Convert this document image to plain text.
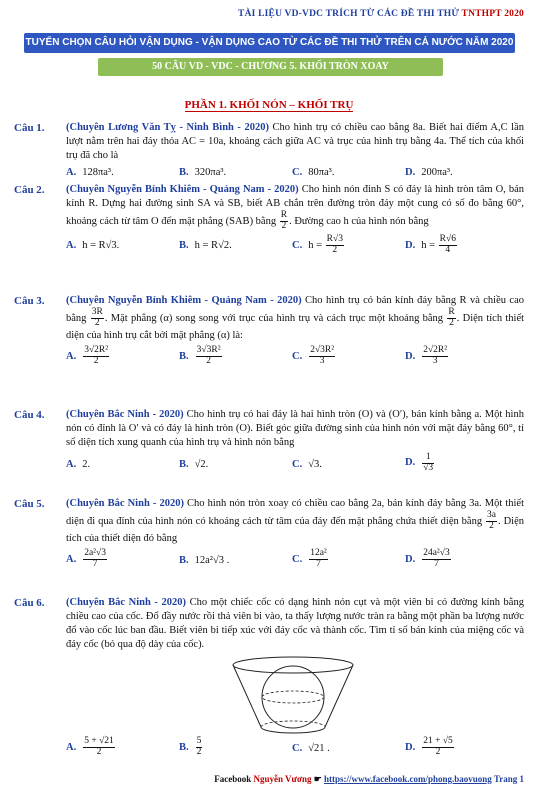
TÀI LIỆU VD-VDC TRÍCH TỪ CÁC ĐỀ THI THỬ TNTHPT 2020
TUYỂN CHỌN CÂU HỎI VẬN DỤNG - VẬN DỤNG CAO TỪ CÁC ĐỀ THI THỬ TRÊN CẢ NƯỚC NĂM 2020
50 CÂU VD - VDC - CHƯƠNG 5. KHỐI TRÒN XOAY
PHẦN 1. KHỐI NÓN – KHỐI TRỤ
Câu 1. (Chuyên Lương Văn Tỵ - Ninh Bình - 2020) Cho hình trụ có chiều cao bằng 8a. Biết hai điểm A,C lần lượt nằm trên hai đáy thỏa AC = 10a, khoảng cách giữa AC và trục của hình trụ bằng 4a. Thể tích của khối trụ đã cho là
A. 128πa³.	B. 320πa³.	C. 80πa³.	D. 200πa³.
Câu 2. (Chuyên Nguyễn Bỉnh Khiêm - Quảng Nam - 2020) Cho hình nón đỉnh S có đáy là hình tròn tâm O, bán kính R. Dựng hai đường sinh SA và SB, biết AB chắn trên đường tròn đáy một cung có số đo bằng 60°, khoảng cách từ tâm O đến mặt phẳng (SAB) bằng $\frac{R}{2}$ . Đường cao h của hình nón bằng
A. h = R√3.	B. h = R√2.	C. $h = \frac{R√3}{2}$	D. $h = \frac{R√6}{4}$
Câu 3. (Chuyên Nguyễn Bỉnh Khiêm - Quảng Nam - 2020) Cho hình trụ có bán kính đáy bằng R và chiều cao bằng $\frac{3R}{2}$ . Mặt phẳng (α) song song với trục của hình trụ và cách trục một khoảng bằng $\frac{R}{2}$ . Diện tích thiết diện của hình trụ cắt bởi mặt phẳng (α) là:
A. $\frac{\text{3√2R²}}{2}$	B. $\frac{\text{3√3R²}}{2}$	C. $\frac{\text{2√3R²}}{3}$	D. $\frac{\text{2√2R²}}{3}$
Câu 4. (Chuyên Bắc Ninh - 2020) Cho hình trụ có hai đáy là hai hình tròn (O) và (O′), bán kính bằng a. Một hình nón có đỉnh là O′ và có đáy là hình tròn (O). Biết góc giữa đường sinh của hình nón với mặt đáy bằng 60°, tỉ số diện tích xung quanh của hình trụ và hình nón bằng
A. 2.	B. √2.	C. √3.	D. $\frac{1}{√3}$
Câu 5. (Chuyên Bắc Ninh - 2020) Cho hình nón tròn xoay có chiều cao bằng 2a, bán kính đáy bằng 3a. Một thiết diện đi qua đỉnh của hình nón có khoảng cách từ tâm của đáy đến mặt phẳng chứa thiết diện bằng $\frac{3a}{2}$ . Diện tích của thiết diện đó bằng
A. $\frac{\text{2a²√3}}{7}$	B. 12a²√3 .	C. $\frac{\text{12a²}}{7}$	D. $\frac{\text{24a²√3}}{7}$
Câu 6. (Chuyên Bắc Ninh - 2020) Cho một chiếc cốc có dạng hình nón cụt và một viên bi có đường kính bằng chiều cao của cốc. Đổ đầy nước rồi thả viên bi vào, ta thấy lượng nước tràn ra bằng một phần ba lượng nước đổ vào cốc lúc ban đầu. Biết viên bi tiếp xúc với đáy cốc và thành cốc. Tìm tỉ số bán kính của miệng cốc và đáy cốc (bỏ qua độ dày của cốc).
A. $\frac{5 + √21}{2}$	B. $\frac{5}{2}$	C. √21 .	D. $\frac{21 + √5}{2}$
Facebook Nguyễn Vương ☛ https://www.facebook.com/phong.baovuong Trang 1
